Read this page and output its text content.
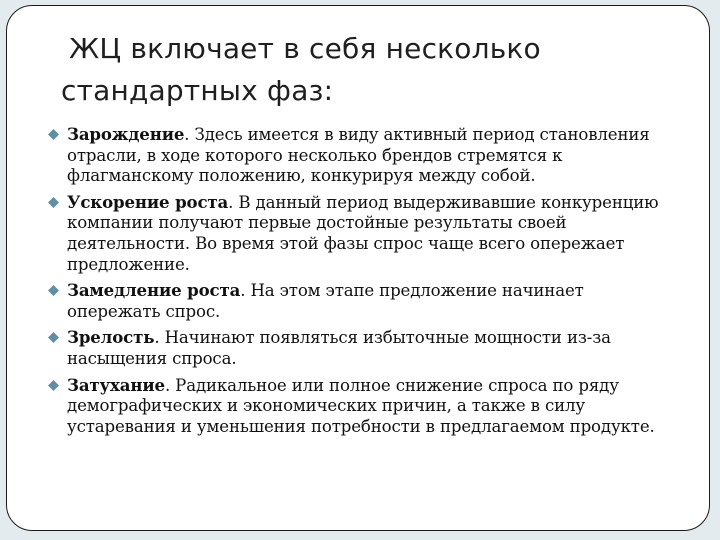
ЖЦ включает в себя несколько
стандартных фаз:
Зарождение. Здесь имеется в виду активный период становления отрасли, в ходе которого несколько брендов стремятся к флагманскому положению, конкурируя между собой.
Ускорение роста. В данный период выдерживавшие конкуренцию компании получают первые достойные результаты своей деятельности. Во время этой фазы спрос чаще всего опережает предложение.
Замедление роста. На этом этапе предложение начинает опережать спрос.
Зрелость. Начинают появляться избыточные мощности из-за насыщения спроса.
Затухание. Радикальное или полное снижение спроса по ряду демографических и экономических причин, а также в силу устаревания и уменьшения потребности в предлагаемом продукте.
